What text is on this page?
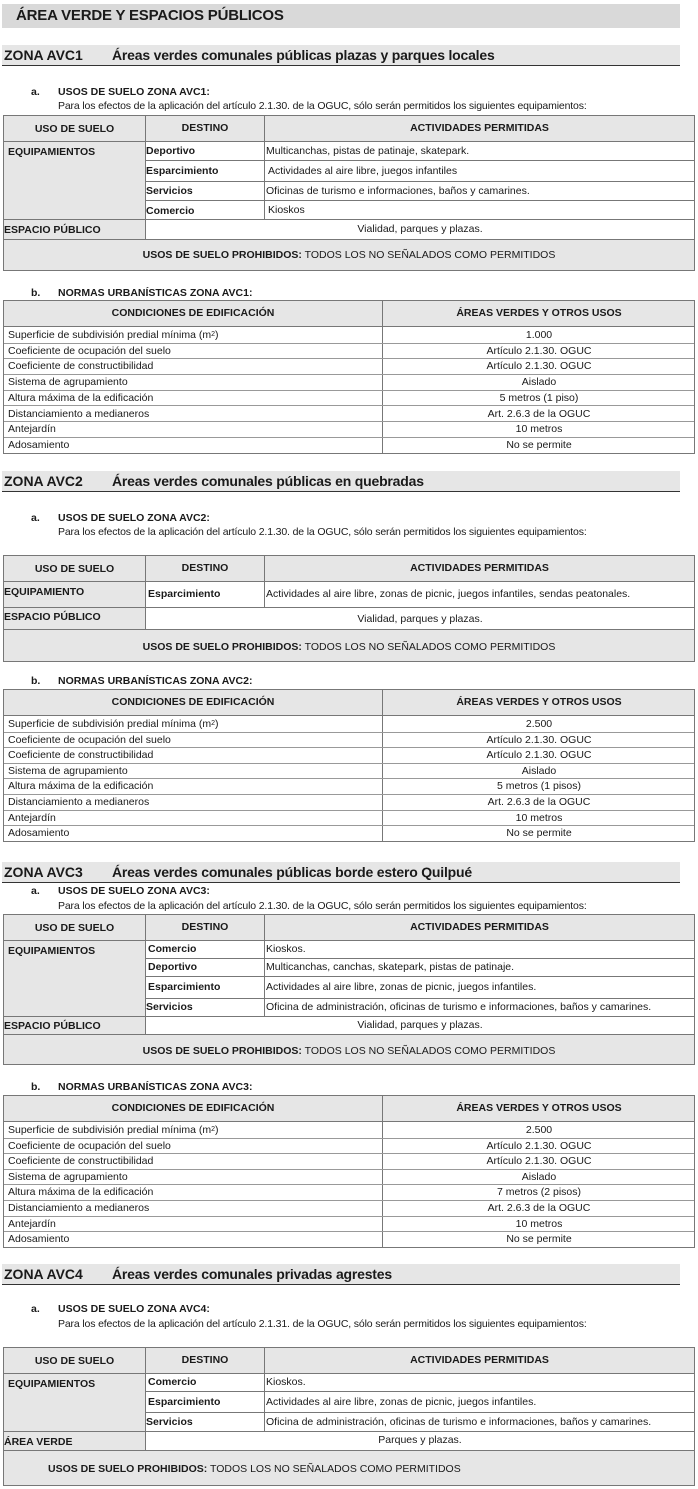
ÁREA VERDE Y ESPACIOS PÚBLICOS
ZONA AVC1 Áreas verdes comunales públicas plazas y parques locales
a. USOS DE SUELO ZONA AVC1:
Para los efectos de la aplicación del artículo 2.1.30. de la OGUC, sólo serán permitidos los siguientes equipamientos:
USO DE SUELO	DESTINO	ACTIVIDADES PERMITIDAS
EQUIPAMIENTOS	Deportivo	Multicanchas, pistas de patinaje, skatepark.
Esparcimiento	Actividades al aire libre, juegos infantiles
Servicios	Oficinas de turismo e informaciones, baños y camarines.
Comercio	Kioskos
ESPACIO PÚBLICO	Vialidad, parques y plazas.
USOS DE SUELO PROHIBIDOS: TODOS LOS NO SEÑALADOS COMO PERMITIDOS
b. NORMAS URBANÍSTICAS ZONA AVC1:
CONDICIONES DE EDIFICACIÓN	ÁREAS VERDES Y OTROS USOS
Superficie de subdivisión predial mínima $(m^2)$	1.000
Coeficiente de ocupación del suelo	Artículo 2.1.30. OGUC
Coeficiente de constructibilidad	Artículo 2.1.30. OGUC
Sistema de agrupamiento	Aislado
Altura máxima de la edificación	5 metros (1 piso)
Distanciamiento a medianeros	Art. 2.6.3 de la OGUC
Antejardín	10 metros
Adosamiento	No se permite
ZONA AVC2 Áreas verdes comunales públicas en quebradas
a. USOS DE SUELO ZONA AVC2:
Para los efectos de la aplicación del artículo 2.1.30. de la OGUC, sólo serán permitidos los siguientes equipamientos:
USO DE SUELO	DESTINO	ACTIVIDADES PERMITIDAS
EQUIPAMIENTO	Esparcimiento	Actividades al aire libre, zonas de picnic, juegos infantiles, sendas peatonales.
ESPACIO PÚBLICO	Vialidad, parques y plazas.
USOS DE SUELO PROHIBIDOS: TODOS LOS NO SEÑALADOS COMO PERMITIDOS
b. NORMAS URBANÍSTICAS ZONA AVC2:
CONDICIONES DE EDIFICACIÓN	ÁREAS VERDES Y OTROS USOS
Superficie de subdivisión predial mínima $(m^2)$	2.500
Coeficiente de ocupación del suelo	Artículo 2.1.30. OGUC
Coeficiente de constructibilidad	Artículo 2.1.30. OGUC
Sistema de agrupamiento	Aislado
Altura máxima de la edificación	5 metros (1 pisos)
Distanciamiento a medianeros	Art. 2.6.3 de la OGUC
Antejardín	10 metros
Adosamiento	No se permite
ZONA AVC3 Áreas verdes comunales públicas borde estero Quilpué
a. USOS DE SUELO ZONA AVC3:
Para los efectos de la aplicación del artículo 2.1.30. de la OGUC, sólo serán permitidos los siguientes equipamientos:
USO DE SUELO	DESTINO	ACTIVIDADES PERMITIDAS
EQUIPAMIENTOS	Comercio	Kioskos.
Deportivo	Multicanchas, canchas, skatepark, pistas de patinaje.
Esparcimiento	Actividades al aire libre, zonas de picnic, juegos infantiles.
Servicios	Oficina de administración, oficinas de turismo e informaciones, baños y camarines.
ESPACIO PÚBLICO	Vialidad, parques y plazas.
USOS DE SUELO PROHIBIDOS: TODOS LOS NO SEÑALADOS COMO PERMITIDOS
b. NORMAS URBANÍSTICAS ZONA AVC3:
CONDICIONES DE EDIFICACIÓN	ÁREAS VERDES Y OTROS USOS
Superficie de subdivisión predial mínima $(m^2)$	2.500
Coeficiente de ocupación del suelo	Artículo 2.1.30. OGUC
Coeficiente de constructibilidad	Artículo 2.1.30. OGUC
Sistema de agrupamiento	Aislado
Altura máxima de la edificación	7 metros (2 pisos)
Distanciamiento a medianeros	Art. 2.6.3 de la OGUC
Antejardín	10 metros
Adosamiento	No se permite
ZONA AVC4 Áreas verdes comunales privadas agrestes
a. USOS DE SUELO ZONA AVC4:
Para los efectos de la aplicación del artículo 2.1.31. de la OGUC, sólo serán permitidos los siguientes equipamientos:
USO DE SUELO	DESTINO	ACTIVIDADES PERMITIDAS
EQUIPAMIENTOS	Comercio	Kioskos.
Esparcimiento	Actividades al aire libre, zonas de picnic, juegos infantiles.
Servicios	Oficina de administración, oficinas de turismo e informaciones, baños y camarines.
ÁREA VERDE	Parques y plazas.
USOS DE SUELO PROHIBIDOS: TODOS LOS NO SEÑALADOS COMO PERMITIDOS
